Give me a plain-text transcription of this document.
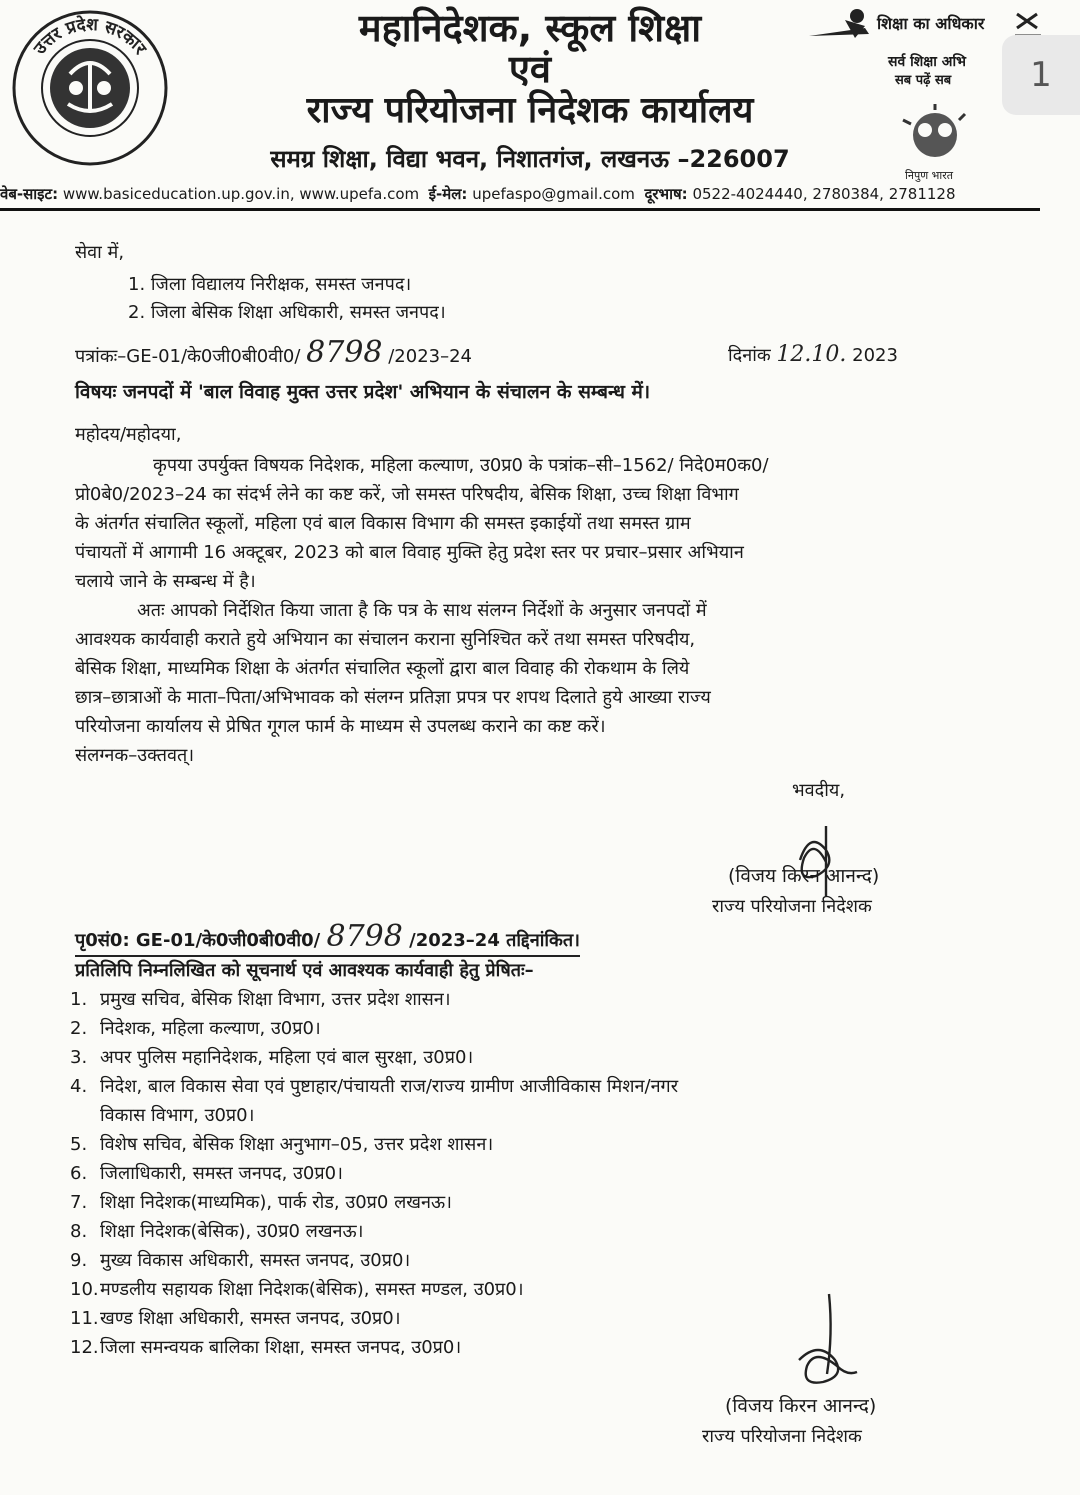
उत्तर प्रदेश सरकार	महानिदेशक, स्कूल शिक्षा
एवं
राज्य परियोजना निदेशक कार्यालय
समग्र शिक्षा, विद्या भवन, निशातगंज, लखनऊ –226007
शिक्षा का अधिकार
सर्व शिक्षा अभि
सब पढ़ें सब
निपुण भारत
1
वेब-साइट: www.basiceducation.up.gov.in, www.upefa.com ई-मेल: upefaspo@gmail.com दूरभाष: 0522-4024440, 2780384, 2781128
सेवा में,
1. जिला विद्यालय निरीक्षक, समस्त जनपद।
2. जिला बेसिक शिक्षा अधिकारी, समस्त जनपद।
पत्रांकः–GE-01/के0जी0बी0वी0/ 8798 /2023–24	दिनांक 12.10. 2023
विषयः जनपदों में 'बाल विवाह मुक्त उत्तर प्रदेश' अभियान के संचालन के सम्बन्ध में।
महोदय/महोदया,
कृपया उपर्युक्त विषयक निदेशक, महिला कल्याण, उ0प्र0 के पत्रांक–सी–1562/ निदे0म0क0/
प्रो0बे0/2023–24 का संदर्भ लेने का कष्ट करें, जो समस्त परिषदीय, बेसिक शिक्षा, उच्च शिक्षा विभाग
के अंतर्गत संचालित स्कूलों, महिला एवं बाल विकास विभाग की समस्त इकाईयों तथा समस्त ग्राम
पंचायतों में आगामी 16 अक्टूबर, 2023 को बाल विवाह मुक्ति हेतु प्रदेश स्तर पर प्रचार–प्रसार अभियान
चलाये जाने के सम्बन्ध में है।
अतः आपको निर्देशित किया जाता है कि पत्र के साथ संलग्न निर्देशों के अनुसार जनपदों में
आवश्यक कार्यवाही कराते हुये अभियान का संचालन कराना सुनिश्चित करें तथा समस्त परिषदीय,
बेसिक शिक्षा, माध्यमिक शिक्षा के अंतर्गत संचालित स्कूलों द्वारा बाल विवाह की रोकथाम के लिये
छात्र–छात्राओं के माता–पिता/अभिभावक को संलग्न प्रतिज्ञा प्रपत्र पर शपथ दिलाते हुये आख्या राज्य
परियोजना कार्यालय से प्रेषित गूगल फार्म के माध्यम से उपलब्ध कराने का कष्ट करें।
संलग्नक–उक्तवत्।
भवदीय,
(विजय किरन आनन्द)
राज्य परियोजना निदेशक
पृ0सं0: GE-01/के0जी0बी0वी0/ 8798 /2023–24 तद्दिनांकित।
प्रतिलिपि निम्नलिखित को सूचनार्थ एवं आवश्यक कार्यवाही हेतु प्रेषितः–
1. प्रमुख सचिव, बेसिक शिक्षा विभाग, उत्तर प्रदेश शासन।
2. निदेशक, महिला कल्याण, उ0प्र0।
3. अपर पुलिस महानिदेशक, महिला एवं बाल सुरक्षा, उ0प्र0।
4. निदेश, बाल विकास सेवा एवं पुष्टाहार/पंचायती राज/राज्य ग्रामीण आजीविकास मिशन/नगर
विकास विभाग, उ0प्र0।
5. विशेष सचिव, बेसिक शिक्षा अनुभाग–05, उत्तर प्रदेश शासन।
6. जिलाधिकारी, समस्त जनपद, उ0प्र0।
7. शिक्षा निदेशक(माध्यमिक), पार्क रोड, उ0प्र0 लखनऊ।
8. शिक्षा निदेशक(बेसिक), उ0प्र0 लखनऊ।
9. मुख्य विकास अधिकारी, समस्त जनपद, उ0प्र0।
10.मण्डलीय सहायक शिक्षा निदेशक(बेसिक), समस्त मण्डल, उ0प्र0।
11.खण्ड शिक्षा अधिकारी, समस्त जनपद, उ0प्र0।
12.जिला समन्वयक बालिका शिक्षा, समस्त जनपद, उ0प्र0।
(विजय किरन आनन्द)
राज्य परियोजना निदेशक
